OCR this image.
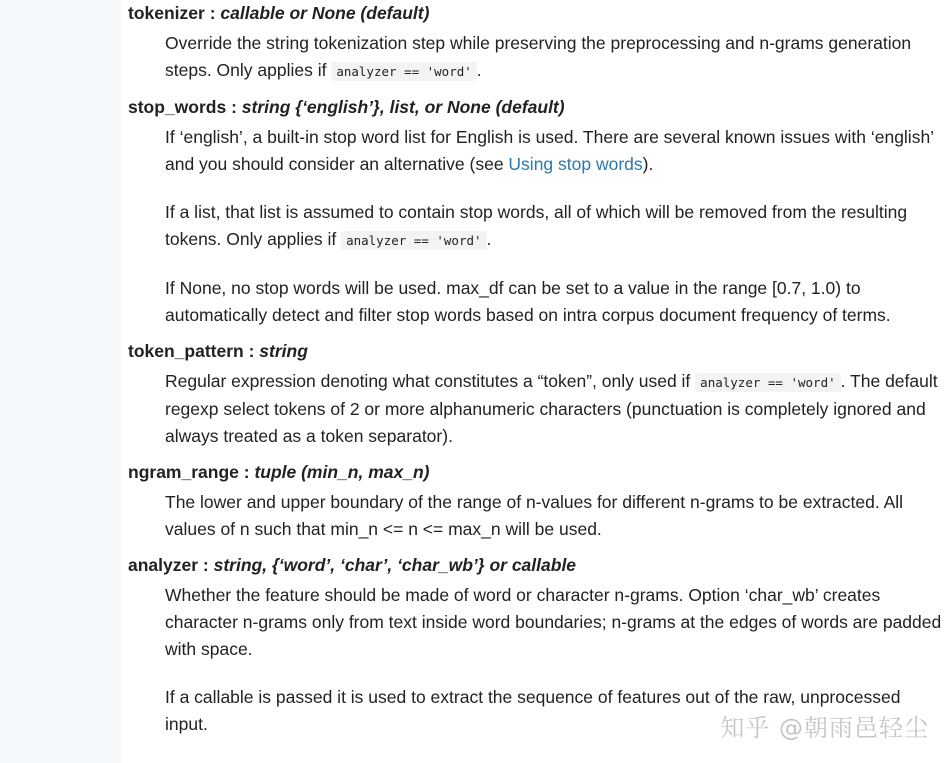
tokenizer : callable or None (default)

Override the string tokenization step while preserving the preprocessing and n-grams generation steps. Only applies if analyzer == 'word' .

stop_words : string {‘english’}, list, or None (default)

If ‘english’, a built-in stop word list for English is used. There are several known issues with ‘english’ and you should consider an alternative (see Using stop words).

If a list, that list is assumed to contain stop words, all of which will be removed from the resulting tokens. Only applies if analyzer == 'word' .

If None, no stop words will be used. max_df can be set to a value in the range [0.7, 1.0) to automatically detect and filter stop words based on intra corpus document frequency of terms.

token_pattern : string

Regular expression denoting what constitutes a “token”, only used if analyzer == 'word' . The default regexp select tokens of 2 or more alphanumeric characters (punctuation is completely ignored and always treated as a token separator).

ngram_range : tuple (min_n, max_n)

The lower and upper boundary of the range of n-values for different n-grams to be extracted. All values of n such that min_n <= n <= max_n will be used.

analyzer : string, {‘word’, ‘char’, ‘char_wb’} or callable

Whether the feature should be made of word or character n-grams. Option ‘char_wb’ creates character n-grams only from text inside word boundaries; n-grams at the edges of words are padded with space.

If a callable is passed it is used to extract the sequence of features out of the raw, unprocessed input.	知乎 @朝雨邑轻尘
